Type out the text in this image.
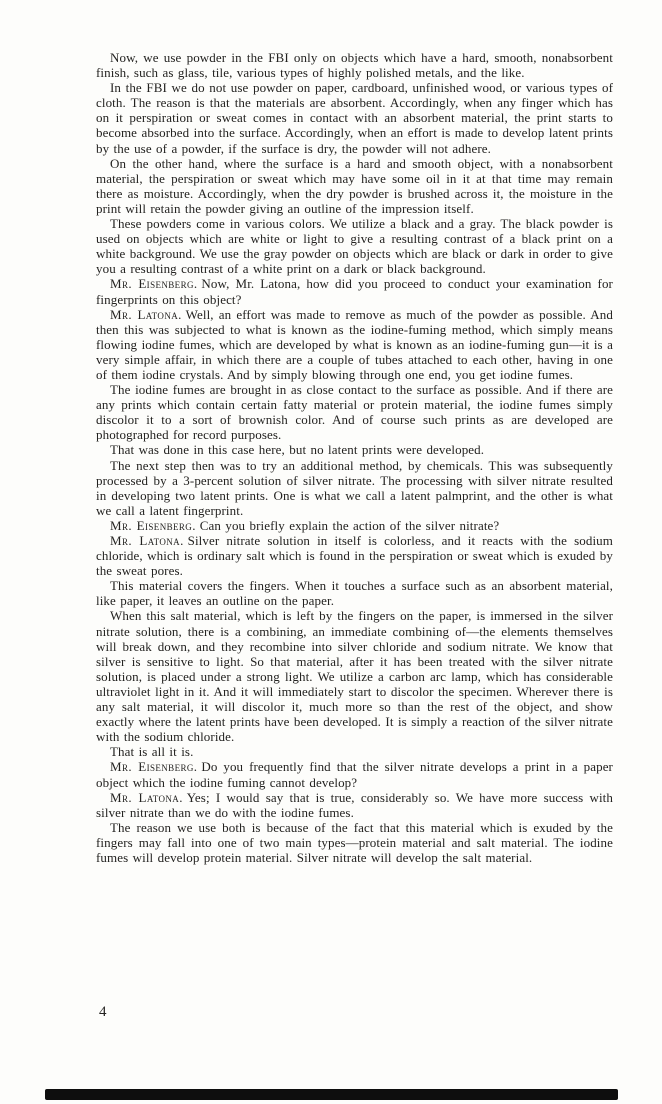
Now, we use powder in the FBI only on objects which have a hard, smooth, nonabsorbent finish, such as glass, tile, various types of highly polished metals, and the like.

In the FBI we do not use powder on paper, cardboard, unfinished wood, or various types of cloth. The reason is that the materials are absorbent. Accordingly, when any finger which has on it perspiration or sweat comes in contact with an absorbent material, the print starts to become absorbed into the surface. Accordingly, when an effort is made to develop latent prints by the use of a powder, if the surface is dry, the powder will not adhere.

On the other hand, where the surface is a hard and smooth object, with a nonabsorbent material, the perspiration or sweat which may have some oil in it at that time may remain there as moisture. Accordingly, when the dry powder is brushed across it, the moisture in the print will retain the powder giving an outline of the impression itself.

These powders come in various colors. We utilize a black and a gray. The black powder is used on objects which are white or light to give a resulting contrast of a black print on a white background. We use the gray powder on objects which are black or dark in order to give you a resulting contrast of a white print on a dark or black background.

Mr. Eisenberg. Now, Mr. Latona, how did you proceed to conduct your examination for fingerprints on this object?

Mr. Latona. Well, an effort was made to remove as much of the powder as possible. And then this was subjected to what is known as the iodine-fuming method, which simply means flowing iodine fumes, which are developed by what is known as an iodine-fuming gun—it is a very simple affair, in which there are a couple of tubes attached to each other, having in one of them iodine crystals. And by simply blowing through one end, you get iodine fumes.

The iodine fumes are brought in as close contact to the surface as possible. And if there are any prints which contain certain fatty material or protein material, the iodine fumes simply discolor it to a sort of brownish color. And of course such prints as are developed are photographed for record purposes.

That was done in this case here, but no latent prints were developed.

The next step then was to try an additional method, by chemicals. This was subsequently processed by a 3-percent solution of silver nitrate. The processing with silver nitrate resulted in developing two latent prints. One is what we call a latent palmprint, and the other is what we call a latent fingerprint.

Mr. Eisenberg. Can you briefly explain the action of the silver nitrate?

Mr. Latona. Silver nitrate solution in itself is colorless, and it reacts with the sodium chloride, which is ordinary salt which is found in the perspiration or sweat which is exuded by the sweat pores.

This material covers the fingers. When it touches a surface such as an absorbent material, like paper, it leaves an outline on the paper.

When this salt material, which is left by the fingers on the paper, is immersed in the silver nitrate solution, there is a combining, an immediate combining of—the elements themselves will break down, and they recombine into silver chloride and sodium nitrate. We know that silver is sensitive to light. So that material, after it has been treated with the silver nitrate solution, is placed under a strong light. We utilize a carbon arc lamp, which has considerable ultraviolet light in it. And it will immediately start to discolor the specimen. Wherever there is any salt material, it will discolor it, much more so than the rest of the object, and show exactly where the latent prints have been developed. It is simply a reaction of the silver nitrate with the sodium chloride.

That is all it is.

Mr. Eisenberg. Do you frequently find that the silver nitrate develops a print in a paper object which the iodine fuming cannot develop?

Mr. Latona. Yes; I would say that is true, considerably so. We have more success with silver nitrate than we do with the iodine fumes.

The reason we use both is because of the fact that this material which is exuded by the fingers may fall into one of two main types—protein material and salt material. The iodine fumes will develop protein material. Silver nitrate will develop the salt material.

4
